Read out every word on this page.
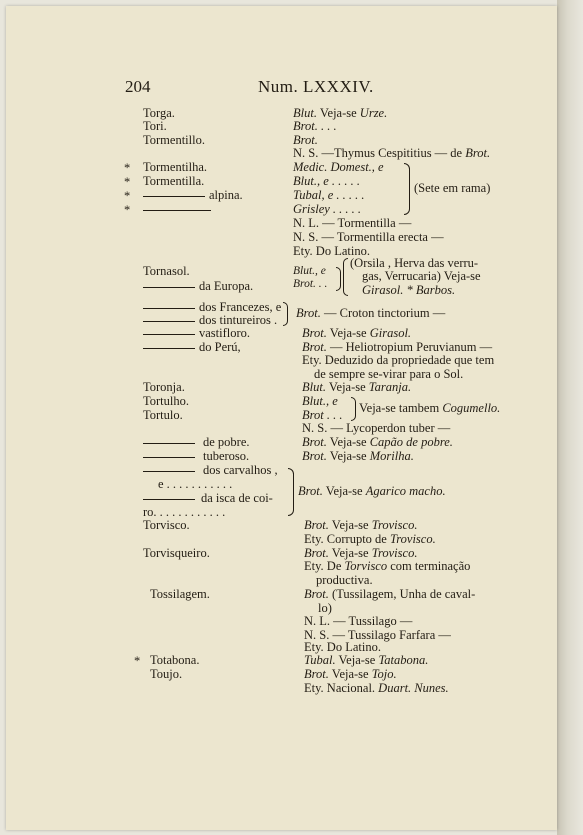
204	Num. LXXXIV.
Torga.
Tori.
Tormentillo.
* Tormentilha.
* Tormentilla.
*	alpina.
*
Tornasol.
da Europa.
dos Francezes, e
dos tintureiros .
vastifloro.
do Perú,
Toronja.
Tortulho.
Tortulo.
de pobre.
tuberoso.
dos carvalhos ,
e . . . . . . . . . . .
da isca de coi-
ro. . . . . . . . . . . .
Torvisco.
Torvisqueiro.
Tossilagem.
* Totabona.
Toujo.
Blut. Veja-se Urze.
Brot. . . .
Brot.
N. S. —Thymus Cespititius — de Brot.
Medic. Domest., e
Blut., e . . . . .
Tubal, e . . . . .
Grisley . . . . .
(Sete em rama)
N. L. — Tormentilla —
N. S. — Tormentilla erecta —
Ety. Do Latino.
Blut., e
Brot. . .
(Orsila , Herva das verru-
gas, Verrucaria) Veja-se
Girasol. * Barbos.
Brot. — Croton tinctorium —
Brot. Veja-se Girasol.
Brot. — Heliotropium Peruvianum —
Ety. Deduzido da propriedade que tem
de sempre se-virar para o Sol.
Blut. Veja-se Taranja.
Blut., e
Brot . . . Veja-se tambem Cogumello.
N. S. — Lycoperdon tuber —
Brot. Veja-se Capão de pobre.
Brot. Veja-se Morilha.
Brot. Veja-se Agarico macho.
Brot. Veja-se Trovisco.
Ety. Corrupto de Trovisco.
Brot. Veja-se Trovisco.
Ety. De Torvisco com terminação
productiva.
Brot. (Tussilagem, Unha de caval-
lo)
N. L. — Tussilago —
N. S. — Tussilago Farfara —
Ety. Do Latino.
Tubal. Veja-se Tatabona.
Brot. Veja-se Tojo.
Ety. Nacional. Duart. Nunes.
